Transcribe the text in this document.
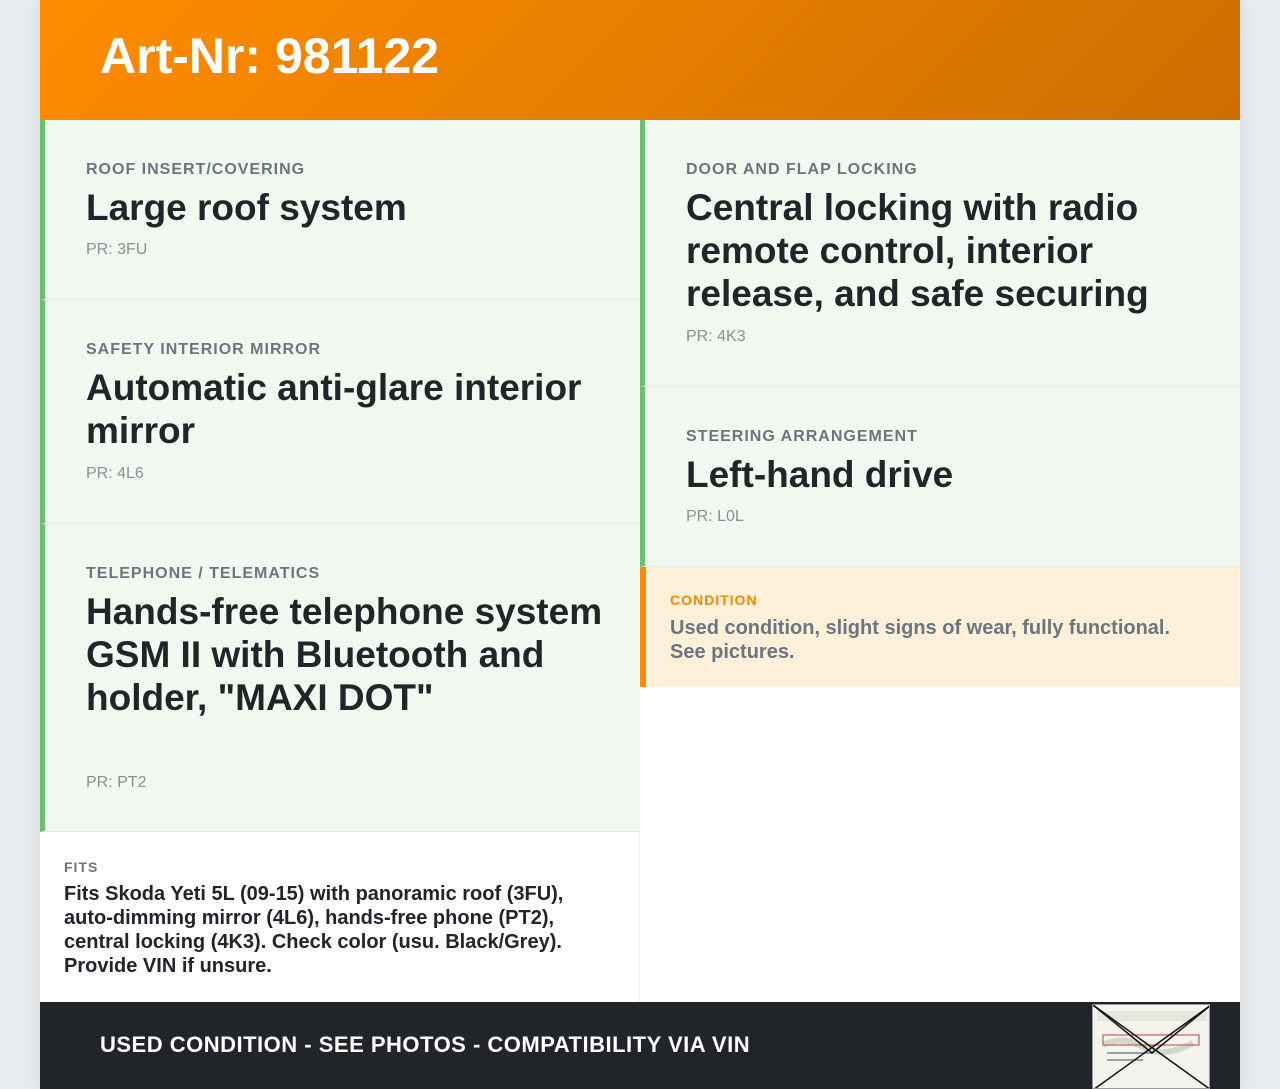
Art-Nr: 981122
ROOF INSERT/COVERING
Large roof system
PR: 3FU
SAFETY INTERIOR MIRROR
Automatic anti-glare interior mirror
PR: 4L6
TELEPHONE / TELEMATICS
Hands-free telephone system GSM II with Bluetooth and holder, "MAXI DOT"
PR: PT2
DOOR AND FLAP LOCKING
Central locking with radio remote control, interior release, and safe securing
PR: 4K3
STEERING ARRANGEMENT
Left-hand drive
PR: L0L
CONDITION
Used condition, slight signs of wear, fully functional. See pictures.
FITS
Fits Skoda Yeti 5L (09-15) with panoramic roof (3FU), auto-dimming mirror (4L6), hands-free phone (PT2), central locking (4K3). Check color (usu. Black/Grey). Provide VIN if unsure.
USED CONDITION - SEE PHOTOS - COMPATIBILITY VIA VIN
